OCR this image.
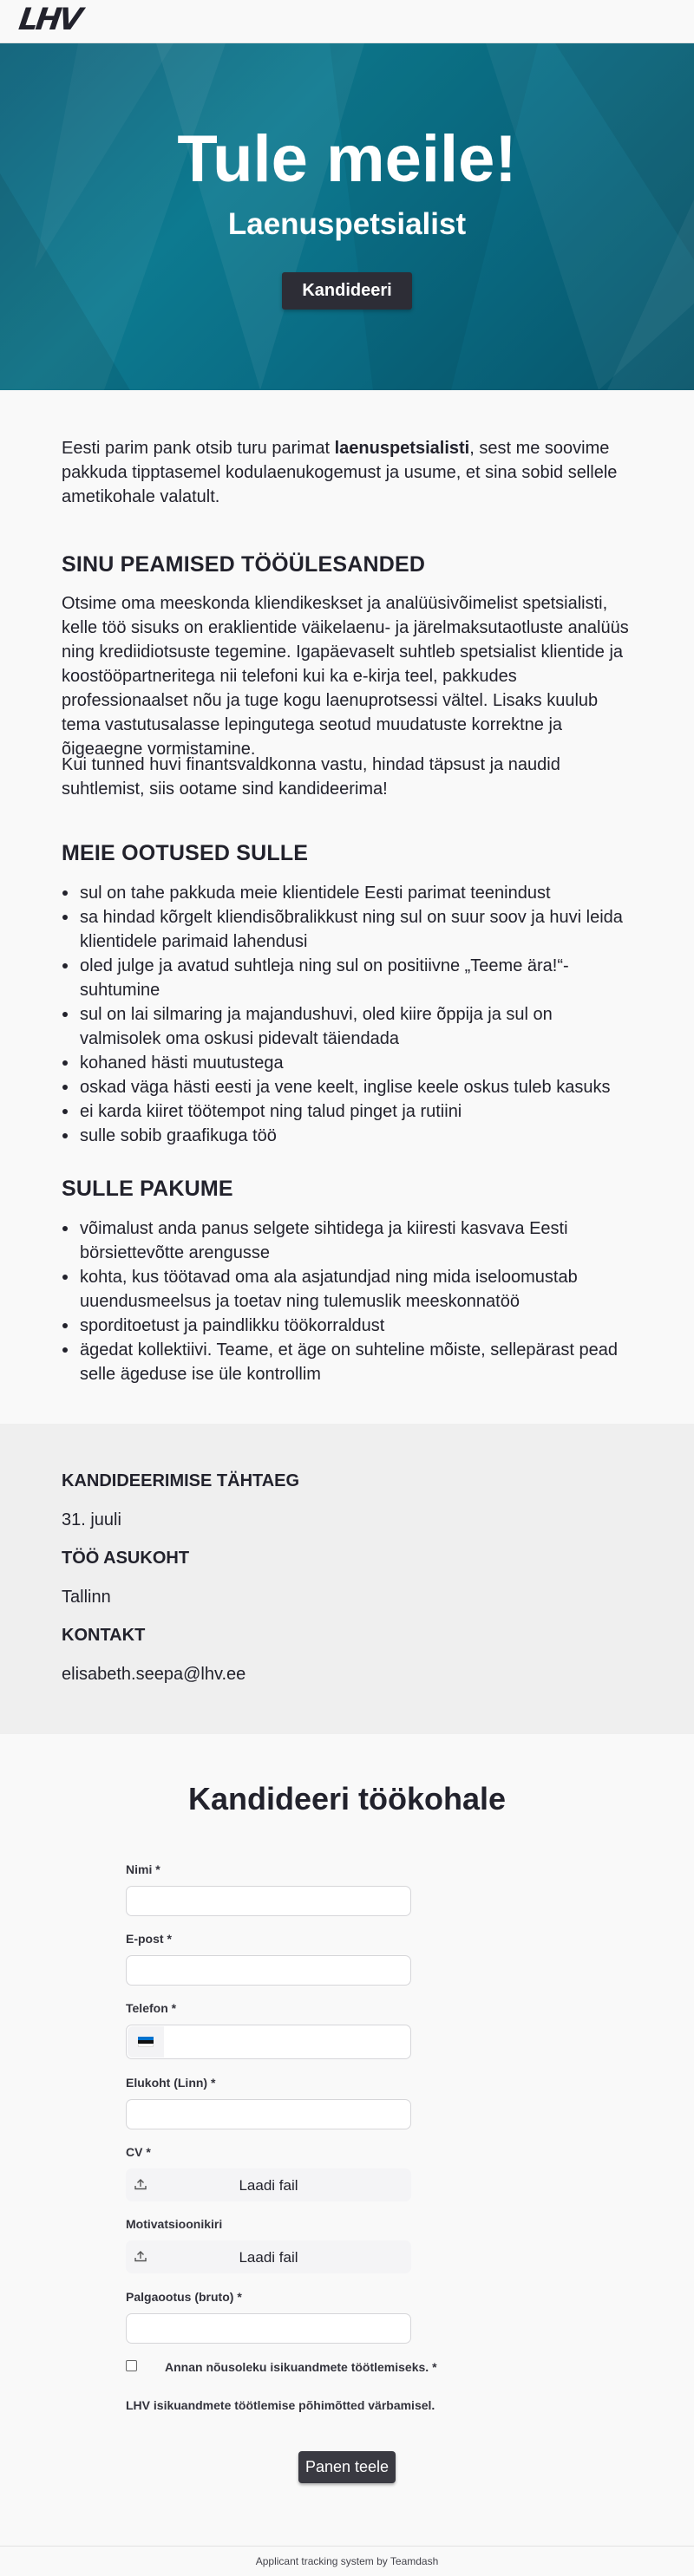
LHV
Tule meile!
Laenuspetsialist
Kandideeri

Eesti parim pank otsib turu parimat laenuspetsialisti, sest me soovime pakkuda tipptasemel kodulaenukogemust ja usume, et sina sobid sellele ametikohale valatult.

SINU PEAMISED TÖÖÜLESANDED

Otsime oma meeskonda kliendikeskset ja analüüsivõimelist spetsialisti, kelle töö sisuks on eraklientide väikelaenu- ja järelmaksutaotluste analüüs ning krediidiotsuste tegemine. Igapäevaselt suhtleb spetsialist klientide ja koostööpartneritega nii telefoni kui ka e-kirja teel, pakkudes professionaalset nõu ja tuge kogu laenuprotsessi vältel. Lisaks kuulub tema vastutusalasse lepingutega seotud muudatuste korrektne ja õigeaegne vormistamine.

Kui tunned huvi finantsvaldkonna vastu, hindad täpsust ja naudid suhtlemist, siis ootame sind kandideerima!

MEIE OOTUSED SULLE
sul on tahe pakkuda meie klientidele Eesti parimat teenindust
sa hindad kõrgelt kliendisõbralikkust ning sul on suur soov ja huvi leida klientidele parimaid lahendusi
oled julge ja avatud suhtleja ning sul on positiivne „Teeme ära!“-suhtumine
sul on lai silmaring ja majandushuvi, oled kiire õppija ja sul on valmisolek oma oskusi pidevalt täiendada
kohaned hästi muutustega
oskad väga hästi eesti ja vene keelt, inglise keele oskus tuleb kasuks
ei karda kiiret töötempot ning talud pinget ja rutiini
sulle sobib graafikuga töö
SULLE PAKUME
võimalust anda panus selgete sihtidega ja kiiresti kasvava Eesti börsiettevõtte arengusse
kohta, kus töötavad oma ala asjatundjad ning mida iseloomustab uuendusmeelsus ja toetav ning tulemuslik meeskonnatöö
sporditoetust ja paindlikku töökorraldust
ägedat kollektiivi. Teame, et äge on suhteline mõiste, sellepärast pead selle ägeduse ise üle kontrollim
KANDIDEERIMISE TÄHTAEG
31. juuli
TÖÖ ASUKOHT
Tallinn
KONTAKT
elisabeth.seepa@lhv.ee
Kandideeri töökohale
Nimi *
E-post *
Telefon *
Elukoht (Linn) *
CV *
Laadi fail
Motivatsioonikiri
Laadi fail
Palgaootus (bruto) *
Annan nõusoleku isikuandmete töötlemiseks. *
LHV isikuandmete töötlemise põhimõtted värbamisel.
Panen teele
Applicant tracking system by Teamdash
